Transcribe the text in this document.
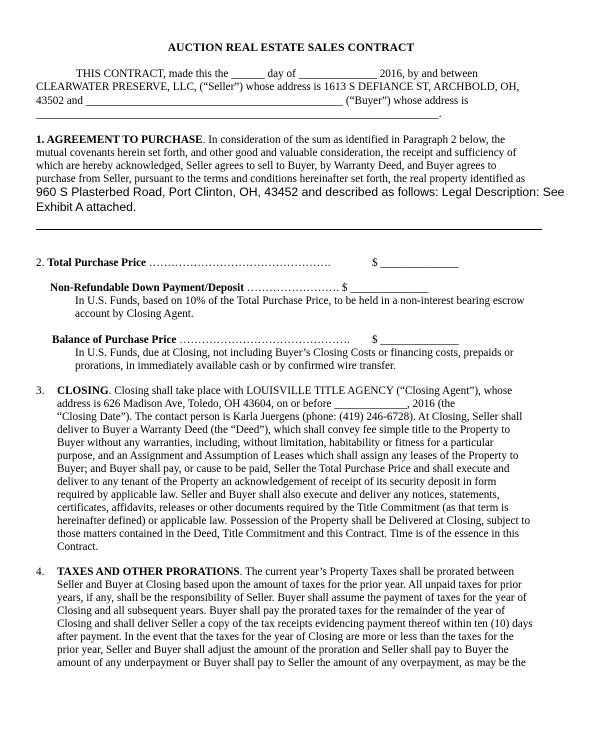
AUCTION REAL ESTATE SALES CONTRACT
THIS CONTRACT, made this the ______ day of ______________ 2016, by and between
CLEARWATER PRESERVE, LLC, (“Seller”) whose address is 1613 S DEFIANCE ST, ARCHBOLD, OH,
43502 and ______________________________________________ (“Buyer”) whose address is
________________________________________________________________________.
1. AGREEMENT TO PURCHASE. In consideration of the sum as identified in Paragraph 2 below, the
mutual covenants herein set forth, and other good and valuable consideration, the receipt and sufficiency of
which are hereby acknowledged, Seller agrees to sell to Buyer, by Warranty Deed, and Buyer agrees to
purchase from Seller, pursuant to the terms and conditions hereinafter set forth, the real property identified as
960 S Plasterbed Road, Port Clinton, OH, 43452 and described as follows: Legal Description: See
Exhibit A attached.
2. Total Purchase Price ………………………………………….	$ ______________
Non-Refundable Down Payment/Deposit ……………………. $ ______________
In U.S. Funds, based on 10% of the Total Purchase Price, to be held in a non-interest bearing escrow
account by Closing Agent.
Balance of Purchase Price ………………………………………. $ ______________
In U.S. Funds, due at Closing, not including Buyer’s Closing Costs or financing costs, prepaids or
prorations, in immediately available cash or by confirmed wire transfer.
3. CLOSING. Closing shall take place with LOUISVILLE TITLE AGENCY (“Closing Agent”), whose
address is 626 Madison Ave, Toledo, OH 43604, on or before _____________, 2016 (the
“Closing Date”). The contact person is Karla Juergens (phone: (419) 246-6728). At Closing, Seller shall
deliver to Buyer a Warranty Deed (the “Deed”), which shall convey fee simple title to the Property to
Buyer without any warranties, including, without limitation, habitability or fitness for a particular
purpose, and an Assignment and Assumption of Leases which shall assign any leases of the Property to
Buyer; and Buyer shall pay, or cause to be paid, Seller the Total Purchase Price and shall execute and
deliver to any tenant of the Property an acknowledgement of receipt of its security deposit in form
required by applicable law. Seller and Buyer shall also execute and deliver any notices, statements,
certificates, affidavits, releases or other documents required by the Title Commitment (as that term is
hereinafter defined) or applicable law. Possession of the Property shall be Delivered at Closing, subject to
those matters contained in the Deed, Title Commitment and this Contract. Time is of the essence in this
Contract.
4. TAXES AND OTHER PRORATIONS. The current year’s Property Taxes shall be prorated between
Seller and Buyer at Closing based upon the amount of taxes for the prior year. All unpaid taxes for prior
years, if any, shall be the responsibility of Seller. Buyer shall assume the payment of taxes for the year of
Closing and all subsequent years. Buyer shall pay the prorated taxes for the remainder of the year of
Closing and shall deliver Seller a copy of the tax receipts evidencing payment thereof within ten (10) days
after payment. In the event that the taxes for the year of Closing are more or less than the taxes for the
prior year, Seller and Buyer shall adjust the amount of the proration and Seller shall pay to Buyer the
amount of any underpayment or Buyer shall pay to Seller the amount of any overpayment, as may be the
